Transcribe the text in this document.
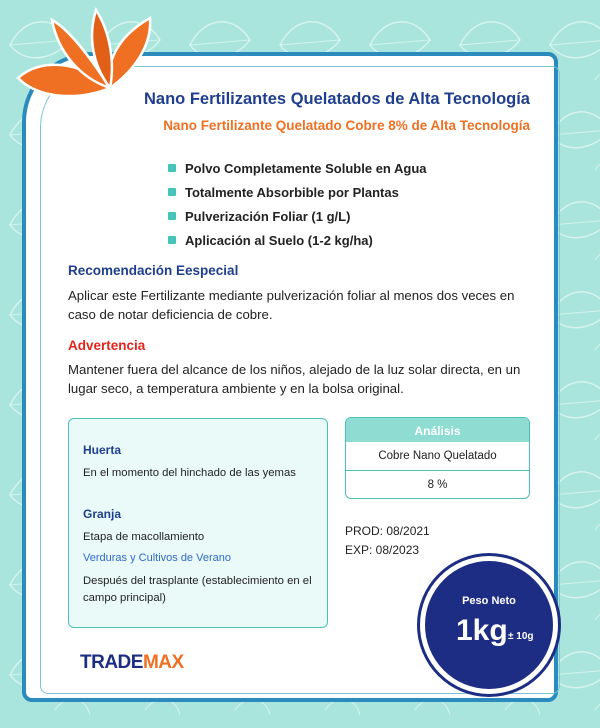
Nano Fertilizantes Quelatados de Alta Tecnología
Nano Fertilizante Quelatado Cobre 8% de Alta Tecnología
Polvo Completamente Soluble en Agua
Totalmente Absorbible por Plantas
Pulverización Foliar (1 g/L)
Aplicación al Suelo (1-2 kg/ha)
Recomendación Eespecial
Aplicar este Fertilizante mediante pulverización foliar al menos dos veces en caso de notar deficiencia de cobre.
Advertencia
Mantener fuera del alcance de los niños, alejado de la luz solar directa, en un lugar seco, a temperatura ambiente y en la bolsa original.
Huerta
En el momento del hinchado de las yemas
Granja
Etapa de macollamiento
Verduras y Cultivos de Verano
Después del trasplante (establecimiento en el campo principal)
Análisis
Cobre Nano Quelatado
8 %
PROD: 08/2021
EXP: 08/2023
Peso Neto
1kg ± 10g
TRADEMAX
